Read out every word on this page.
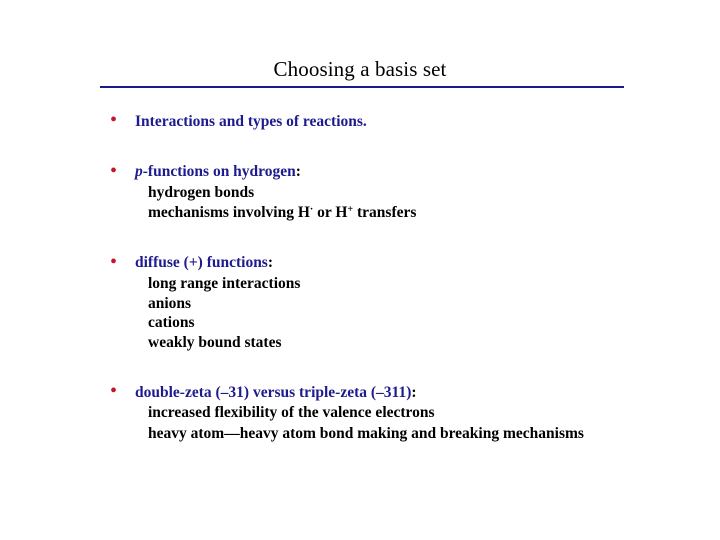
Choosing a basis set
• Interactions and types of reactions.
• p-functions on hydrogen:
hydrogen bonds
mechanisms involving H· or H+ transfers
• diffuse (+) functions:
long range interactions
anions
cations
weakly bound states
• double-zeta (–31) versus triple-zeta (–311):
increased flexibility of the valence electrons
heavy atom—heavy atom bond making and breaking mechanisms
